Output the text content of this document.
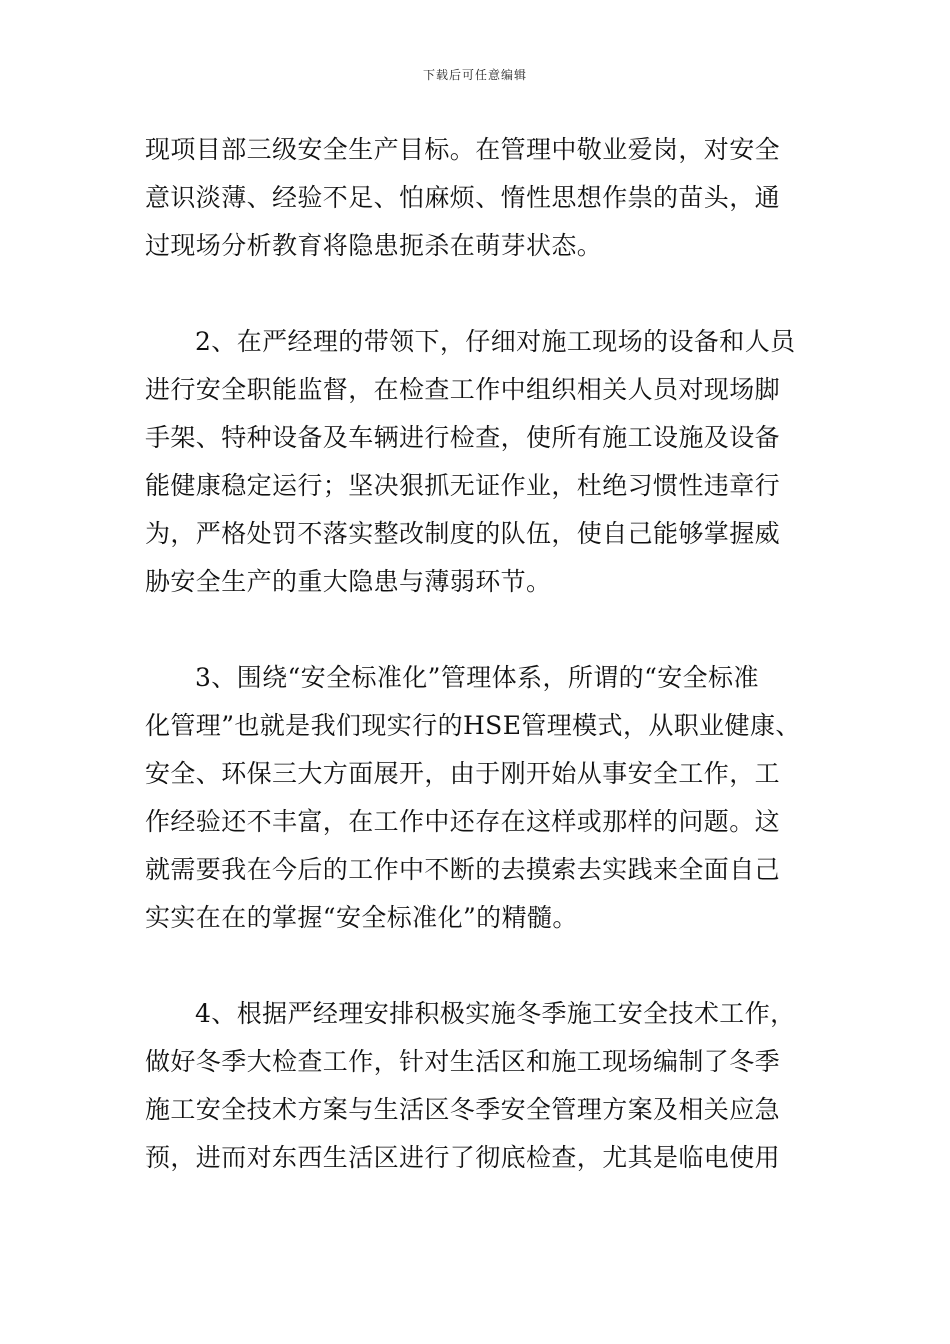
下载后可任意编辑
现项目部三级安全生产目标。在管理中敬业爱岗，对安全
意识淡薄、经验不足、怕麻烦、惰性思想作祟的苗头，通
过现场分析教育将隐患扼杀在萌芽状态。
2、在严经理的带领下，仔细对施工现场的设备和人员
进行安全职能监督，在检查工作中组织相关人员对现场脚
手架、特种设备及车辆进行检查，使所有施工设施及设备
能健康稳定运行；坚决狠抓无证作业，杜绝习惯性违章行
为，严格处罚不落实整改制度的队伍，使自己能够掌握威
胁安全生产的重大隐患与薄弱环节。
3、围绕“安全标准化”管理体系，所谓的“安全标准
化管理”也就是我们现实行的HSE管理模式，从职业健康、
安全、环保三大方面展开，由于刚开始从事安全工作，工
作经验还不丰富，在工作中还存在这样或那样的问题。这
就需要我在今后的工作中不断的去摸索去实践来全面自己
实实在在的掌握“安全标准化”的精髓。
4、根据严经理安排积极实施冬季施工安全技术工作，
做好冬季大检查工作，针对生活区和施工现场编制了冬季
施工安全技术方案与生活区冬季安全管理方案及相关应急
预，进而对东西生活区进行了彻底检查，尤其是临电使用
